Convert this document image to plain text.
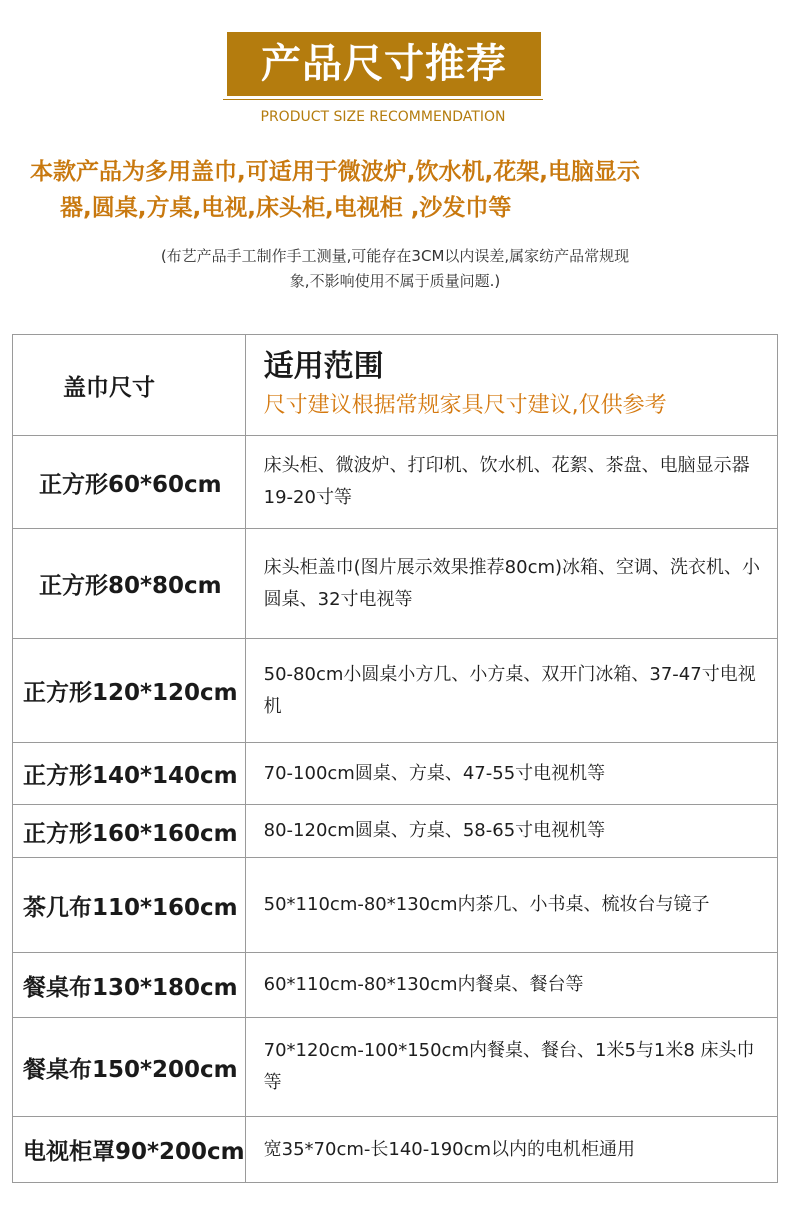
产品尺寸推荐
PRODUCT SIZE RECOMMENDATION
本款产品为多用盖巾,可适用于微波炉,饮水机,花架,电脑显示
器,圆桌,方桌,电视,床头柜,电视柜 ,沙发巾等
(布艺产品手工制作手工测量,可能存在3CM以内误差,属家纺产品常规现
象,不影响使用不属于质量问题.)
盖巾尺寸	适用范围
尺寸建议根据常规家具尺寸建议,仅供参考

正方形60*60cm	床头柜、微波炉、打印机、饮水机、花絮、茶盘、电脑显示器19-20寸等
正方形80*80cm	床头柜盖巾(图片展示效果推荐80cm)冰箱、空调、洗衣机、小圆桌、32寸电视等
正方形120*120cm	50-80cm小圆桌小方几、小方桌、双开门冰箱、37-47寸电视机
正方形140*140cm	70-100cm圆桌、方桌、47-55寸电视机等
正方形160*160cm	80-120cm圆桌、方桌、58-65寸电视机等
茶几布110*160cm	50*110cm-80*130cm内茶几、小书桌、梳妆台与镜子
餐桌布130*180cm	60*110cm-80*130cm内餐桌、餐台等
餐桌布150*200cm	70*120cm-100*150cm内餐桌、餐台、1米5与1米8 床头巾等
电视柜罩90*200cm	宽35*70cm-长140-190cm以内的电机柜通用
